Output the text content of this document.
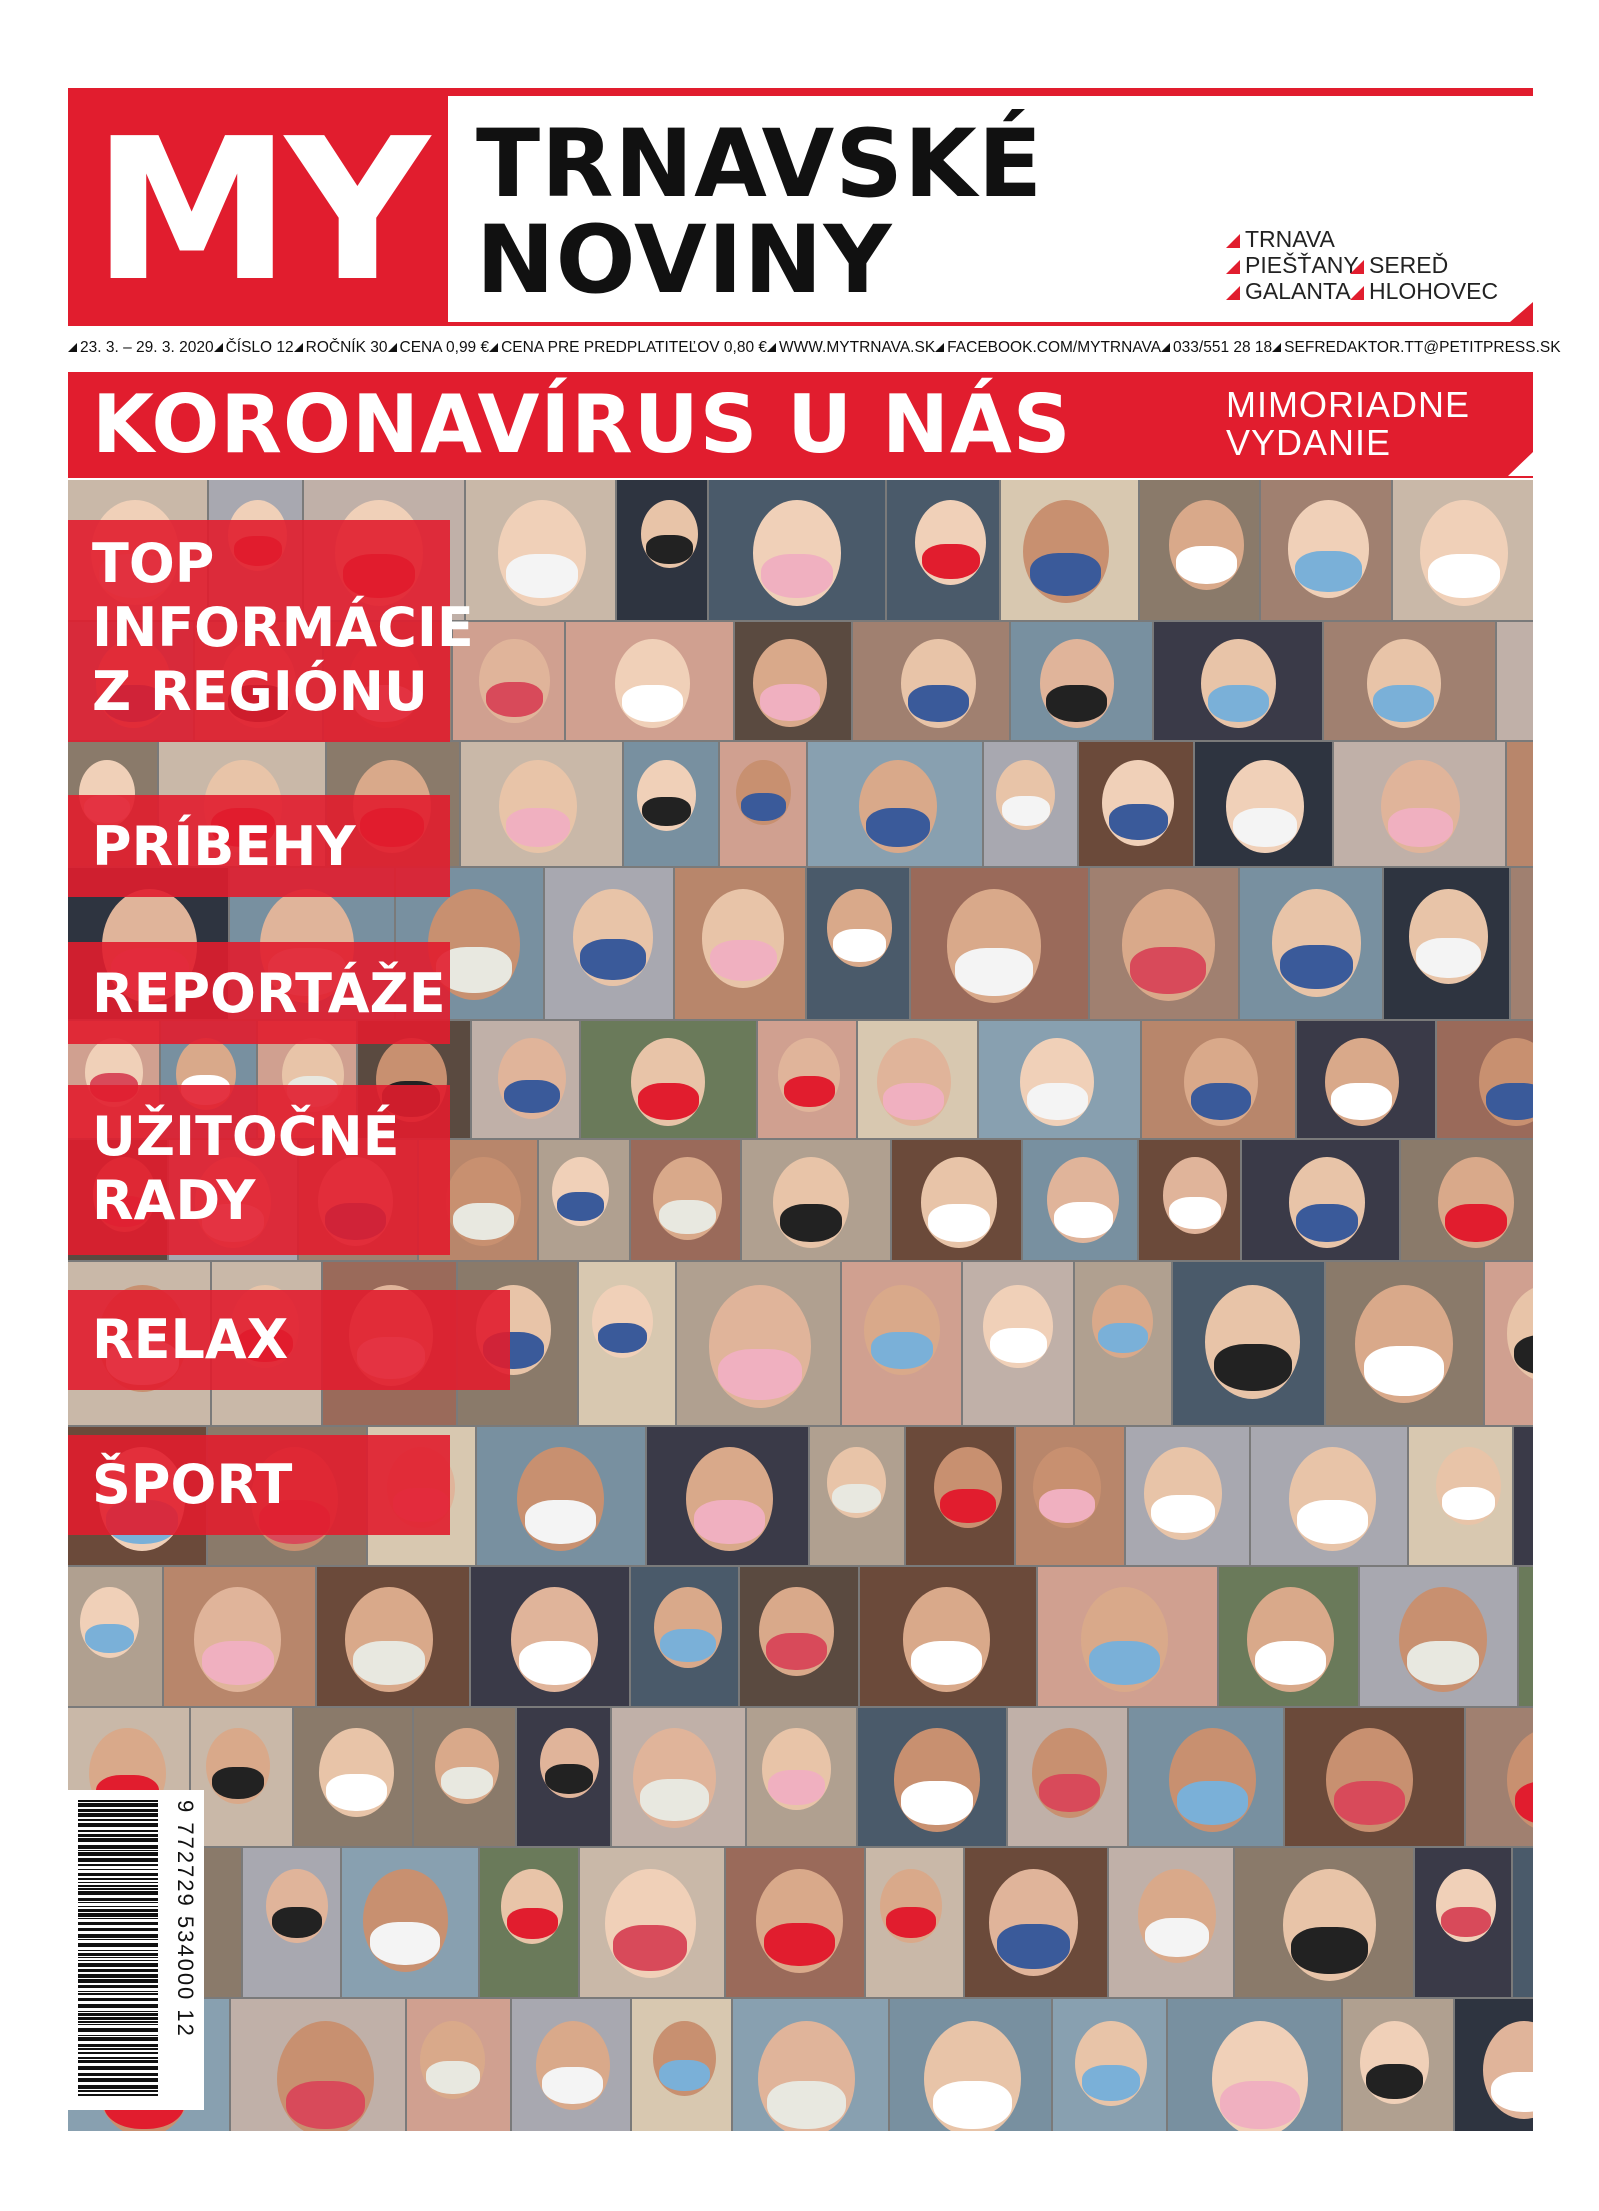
MY TRNAVSKÉ
NOVINY	TRNAVA
PIEŠŤANY SEREĎ
GALANTA HLOHOVEC
23. 3. – 29. 3. 2020 ČÍSLO 12 ROČNÍK 30 CENA 0,99 € CENA PRE PREDPLATITEĽOV 0,80 € WWW.MYTRNAVA.SK FACEBOOK.COM/MYTRNAVA 033/551 28 18 SEFREDAKTOR.TT@PETITPRESS.SK
KORONAVÍRUS U NÁS	MIMORIADNE
VYDANIE
TOP
INFORMÁCIE
Z REGIÓNU
PRÍBEHY
REPORTÁŽE
UŽITOČNÉ
RADY
RELAX
ŠPORT
9 772729 534000 12
